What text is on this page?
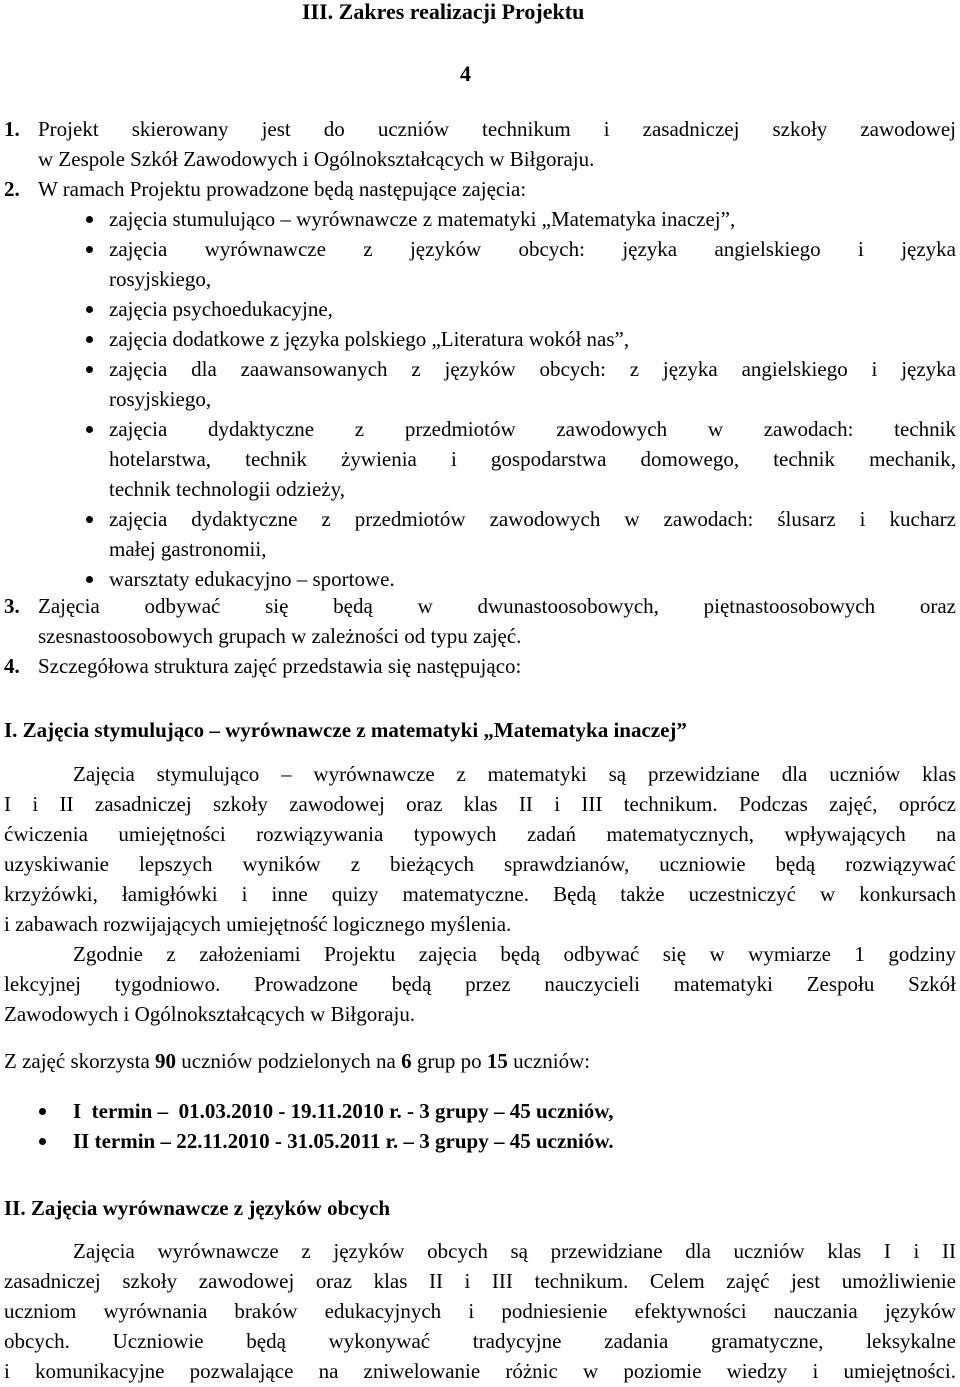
III. Zakres realizacji Projektu
4
1. Projekt skierowany jest do uczniów technikum i zasadniczej szkoły zawodowej
w Zespole Szkół Zawodowych i Ogólnokształcących w Biłgoraju.
2. W ramach Projektu prowadzone będą następujące zajęcia:
zajęcia stumulująco – wyrównawcze z matematyki „Matematyka inaczej”,
zajęcia wyrównawcze z języków obcych: języka angielskiego i języka
rosyjskiego,
zajęcia psychoedukacyjne,
zajęcia dodatkowe z języka polskiego „Literatura wokół nas”,
zajęcia dla zaawansowanych z języków obcych: z języka angielskiego i języka
rosyjskiego,
zajęcia dydaktyczne z przedmiotów zawodowych w zawodach: technik
hotelarstwa, technik żywienia i gospodarstwa domowego, technik mechanik,
technik technologii odzieży,
zajęcia dydaktyczne z przedmiotów zawodowych w zawodach: ślusarz i kucharz
małej gastronomii,
warsztaty edukacyjno – sportowe.
3. Zajęcia odbywać się będą w dwunastoosobowych, piętnastoosobowych oraz
szesnastoosobowych grupach w zależności od typu zajęć.
4. Szczegółowa struktura zajęć przedstawia się następująco:
I. Zajęcia stymulująco – wyrównawcze z matematyki „Matematyka inaczej”
Zajęcia stymulująco – wyrównawcze z matematyki są przewidziane dla uczniów klas
I i II zasadniczej szkoły zawodowej oraz klas II i III technikum. Podczas zajęć, oprócz
ćwiczenia umiejętności rozwiązywania typowych zadań matematycznych, wpływających na
uzyskiwanie lepszych wyników z bieżących sprawdzianów, uczniowie będą rozwiązywać
krzyżówki, łamigłówki i inne quizy matematyczne. Będą także uczestniczyć w konkursach
i zabawach rozwijających umiejętność logicznego myślenia.
Zgodnie z założeniami Projektu zajęcia będą odbywać się w wymiarze 1 godziny
lekcyjnej tygodniowo. Prowadzone będą przez nauczycieli matematyki Zespołu Szkół
Zawodowych i Ogólnokształcących w Biłgoraju.
Z zajęć skorzysta 90 uczniów podzielonych na 6 grup po 15 uczniów:
I  termin –  01.03.2010 - 19.11.2010 r. - 3 grupy – 45 uczniów,
II termin – 22.11.2010 - 31.05.2011 r. – 3 grupy – 45 uczniów.
II. Zajęcia wyrównawcze z języków obcych
Zajęcia wyrównawcze z języków obcych są przewidziane dla uczniów klas I i II
zasadniczej szkoły zawodowej oraz klas II i III technikum. Celem zajęć jest umożliwienie
uczniom wyrównania braków edukacyjnych i podniesienie efektywności nauczania języków
obcych. Uczniowie będą wykonywać tradycyjne zadania gramatyczne, leksykalne
i komunikacyjne pozwalające na zniwelowanie różnic w poziomie wiedzy i umiejętności.
